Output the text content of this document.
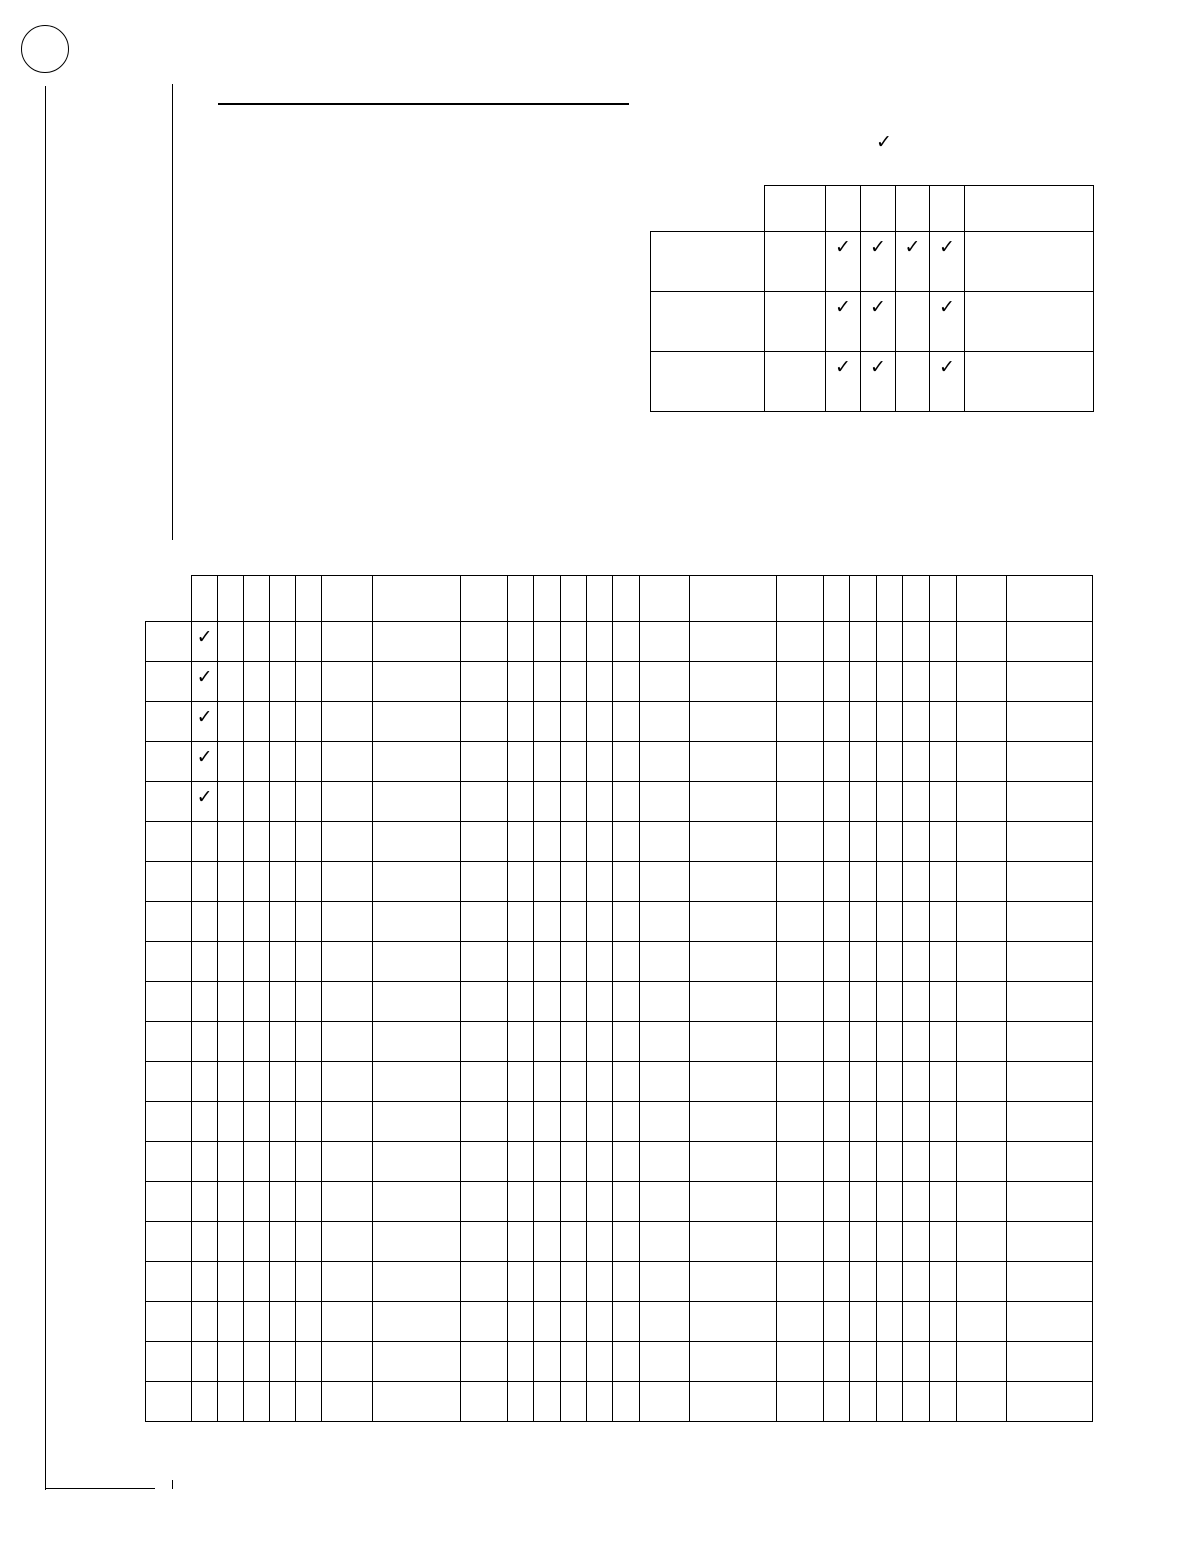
✓

		✓	✓	✓	✓	
		✓	✓		✓	
		✓	✓		✓	

	✓																						
	✓																						
	✓																						
	✓																						
	✓																						
